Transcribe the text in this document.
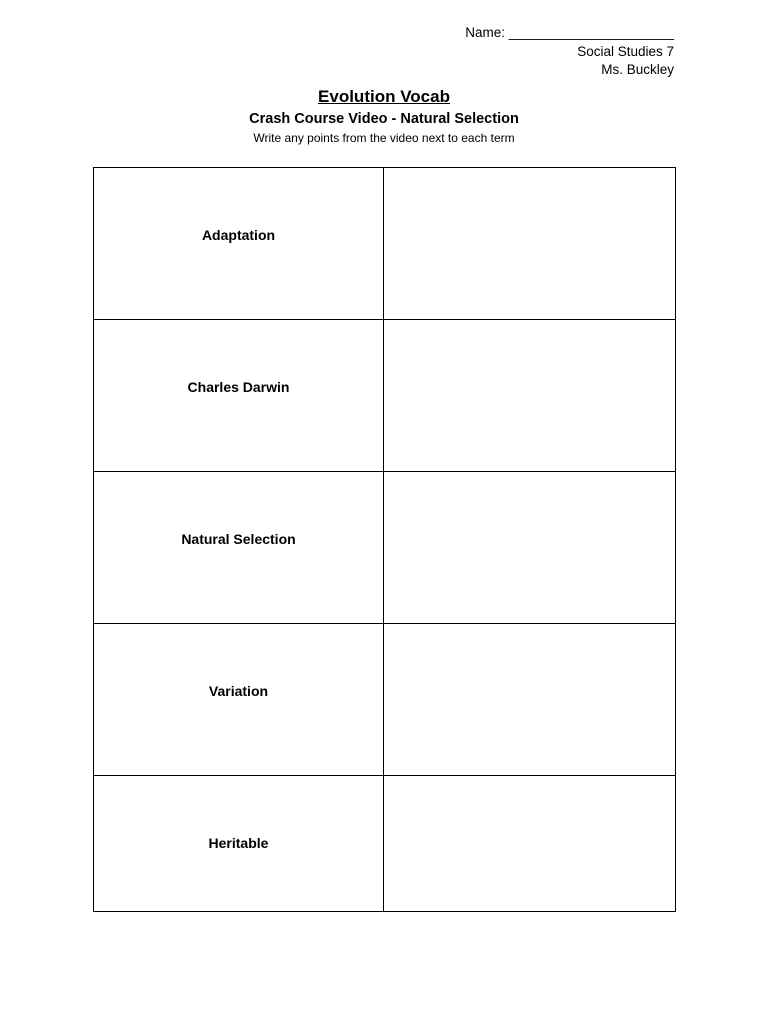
Name: ______________________
Social Studies 7
Ms. Buckley
Evolution Vocab
Crash Course Video - Natural Selection
Write any points from the video next to each term
Adaptation	
Charles Darwin	
Natural Selection	
Variation	
Heritable	
